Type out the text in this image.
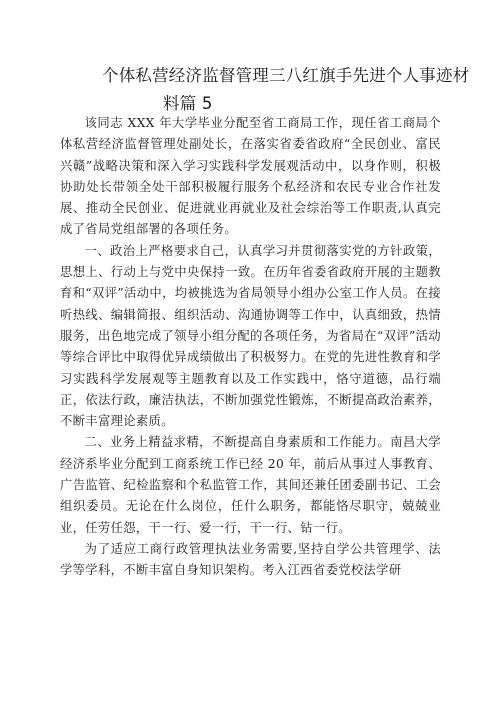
个体私营经济监督管理三八红旗手先进个人事迹材
料篇 5

该同志 XXX 年大学毕业分配至省工商局工作，现任省工商局个体私营经济监督管理处副处长，在落实省委省政府“全民创业、富民兴赣”战略决策和深入学习实践科学发展观活动中，以身作则，积极协助处长带领全处干部积极履行服务个私经济和农民专业合作社发展、推动全民创业、促进就业再就业及社会综治等工作职责,认真完成了省局党组部署的各项任务。

一、政治上严格要求自己，认真学习并贯彻落实党的方针政策，思想上、行动上与党中央保持一致。在历年省委省政府开展的主题教育和“双评”活动中，均被挑选为省局领导小组办公室工作人员。在接听热线、编辑简报、组织活动、沟通协调等工作中，认真细致，热情服务，出色地完成了领导小组分配的各项任务，为省局在“双评”活动等综合评比中取得优异成绩做出了积极努力。在党的先进性教育和学习实践科学发展观等主题教育以及工作实践中，恪守道德，品行端正，依法行政，廉洁执法，不断加强党性锻炼，不断提高政治素养，不断丰富理论素质。

二、业务上精益求精，不断提高自身素质和工作能力。南昌大学经济系毕业分配到工商系统工作已经 20 年，前后从事过人事教育、广告监管、纪检监察和个私监管工作，其间还兼任团委副书记、工会组织委员。无论在什么岗位，任什么职务，都能恪尽职守，兢兢业业，任劳任怨，干一行、爱一行，干一行、钻一行。

为了适应工商行政管理执法业务需要,坚持自学公共管理学、法学等学科，不断丰富自身知识架构。考入江西省委党校法学研
